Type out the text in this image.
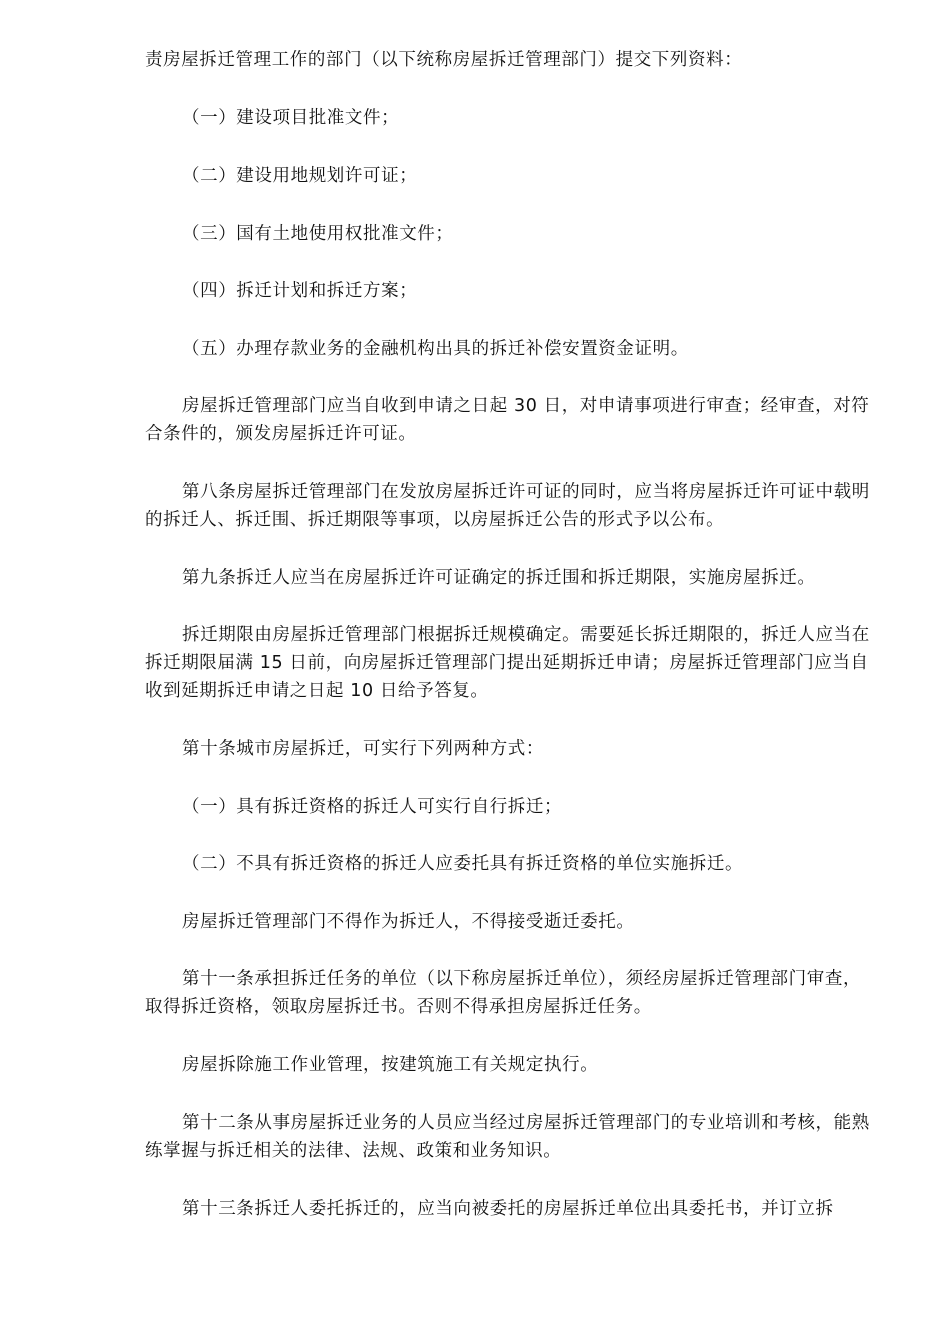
责房屋拆迁管理工作的部门（以下统称房屋拆迁管理部门）提交下列资料：

（一）建设项目批准文件；

（二）建设用地规划许可证；

（三）国有土地使用权批准文件；

（四）拆迁计划和拆迁方案；

（五）办理存款业务的金融机构出具的拆迁补偿安置资金证明。

房屋拆迁管理部门应当自收到申请之日起 30 日，对申请事项进行审查；经审查，对符合条件的，颁发房屋拆迁许可证。

第八条房屋拆迁管理部门在发放房屋拆迁许可证的同时，应当将房屋拆迁许可证中载明的拆迁人、拆迁围、拆迁期限等事项，以房屋拆迁公告的形式予以公布。

第九条拆迁人应当在房屋拆迁许可证确定的拆迁围和拆迁期限，实施房屋拆迁。

拆迁期限由房屋拆迁管理部门根据拆迁规模确定。需要延长拆迁期限的，拆迁人应当在拆迁期限届满 15 日前，向房屋拆迁管理部门提出延期拆迁申请；房屋拆迁管理部门应当自收到延期拆迁申请之日起 10 日给予答复。

第十条城市房屋拆迁，可实行下列两种方式：

（一）具有拆迁资格的拆迁人可实行自行拆迁；

（二）不具有拆迁资格的拆迁人应委托具有拆迁资格的单位实施拆迁。

房屋拆迁管理部门不得作为拆迁人，不得接受逝迁委托。

第十一条承担拆迁任务的单位（以下称房屋拆迁单位），须经房屋拆迁管理部门审查，取得拆迁资格，领取房屋拆迁书。否则不得承担房屋拆迁任务。

房屋拆除施工作业管理，按建筑施工有关规定执行。

第十二条从事房屋拆迁业务的人员应当经过房屋拆迁管理部门的专业培训和考核，能熟练掌握与拆迁相关的法律、法规、政策和业务知识。

第十三条拆迁人委托拆迁的，应当向被委托的房屋拆迁单位出具委托书，并订立拆
